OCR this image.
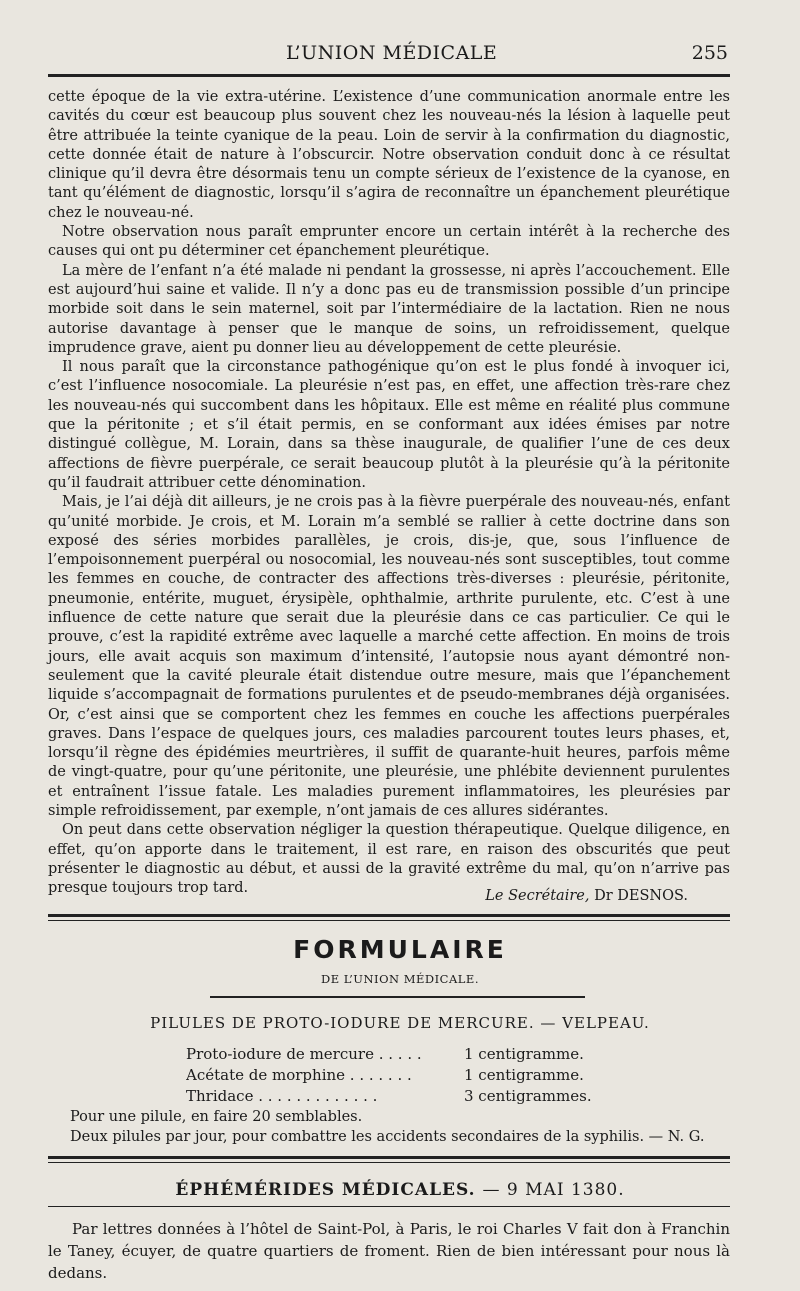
L’UNION MÉDICALE	255

cette époque de la vie extra-utérine. L’existence d’une communication anormale entre les cavités du cœur est beaucoup plus souvent chez les nouveau-nés la lésion à laquelle peut être attribuée la teinte cyanique de la peau. Loin de servir à la confirmation du diagnostic, cette donnée était de nature à l’obscurcir. Notre observation conduit donc à ce résultat clinique qu’il devra être désormais tenu un compte sérieux de l’existence de la cyanose, en tant qu’élément de diagnostic, lorsqu’il s’agira de reconnaître un épanchement pleurétique chez le nouveau-né.

Notre observation nous paraît emprunter encore un certain intérêt à la recherche des causes qui ont pu déterminer cet épanchement pleurétique.

La mère de l’enfant n’a été malade ni pendant la grossesse, ni après l’accouchement. Elle est aujourd’hui saine et valide. Il n’y a donc pas eu de transmission possible d’un principe morbide soit dans le sein maternel, soit par l’intermédiaire de la lactation. Rien ne nous autorise davantage à penser que le manque de soins, un refroidissement, quelque imprudence grave, aient pu donner lieu au développement de cette pleurésie.

Il nous paraît que la circonstance pathogénique qu’on est le plus fondé à invoquer ici, c’est l’influence nosocomiale. La pleurésie n’est pas, en effet, une affection très-rare chez les nouveau-nés qui succombent dans les hôpitaux. Elle est même en réalité plus commune que la péritonite ; et s’il était permis, en se conformant aux idées émises par notre distingué collègue, M. Lorain, dans sa thèse inaugurale, de qualifier l’une de ces deux affections de fièvre puerpérale, ce serait beaucoup plutôt à la pleurésie qu’à la péritonite qu’il faudrait attribuer cette dénomination.

Mais, je l’ai déjà dit ailleurs, je ne crois pas à la fièvre puerpérale des nouveau-nés, enfant qu’unité morbide. Je crois, et M. Lorain m’a semblé se rallier à cette doctrine dans son exposé des séries morbides parallèles, je crois, dis-je, que, sous l’influence de l’empoisonnement puerpéral ou nosocomial, les nouveau-nés sont susceptibles, tout comme les femmes en couche, de contracter des affections très-diverses : pleurésie, péritonite, pneumonie, entérite, muguet, érysipèle, ophthalmie, arthrite purulente, etc. C’est à une influence de cette nature que serait due la pleurésie dans ce cas particulier. Ce qui le prouve, c’est la rapidité extrême avec laquelle a marché cette affection. En moins de trois jours, elle avait acquis son maximum d’intensité, l’autopsie nous ayant démontré non-seulement que la cavité pleurale était distendue outre mesure, mais que l’épanchement liquide s’accompagnait de formations purulentes et de pseudo-membranes déjà organisées. Or, c’est ainsi que se comportent chez les femmes en couche les affections puerpérales graves. Dans l’espace de quelques jours, ces maladies parcourent toutes leurs phases, et, lorsqu’il règne des épidémies meurtrières, il suffit de quarante-huit heures, parfois même de vingt-quatre, pour qu’une péritonite, une pleurésie, une phlébite deviennent purulentes et entraînent l’issue fatale. Les maladies purement inflammatoires, les pleurésies par simple refroidissement, par exemple, n’ont jamais de ces allures sidérantes.

On peut dans cette observation négliger la question thérapeutique. Quelque diligence, en effet, qu’on apporte dans le traitement, il est rare, en raison des obscurités que peut présenter le diagnostic au début, et aussi de la gravité extrême du mal, qu’on n’arrive pas presque toujours trop tard.	Le Secrétaire, Dr DESNOS.
FORMULAIRE
DE L’UNION MÉDICALE.
PILULES DE PROTO-IODURE DE MERCURE. — VELPEAU.
Proto-iodure de mercure . . . . .	1 centigramme.
Acétate de morphine . . . . . . .	1 centigramme.
Thridace . . . . . . . . . . . . .	3 centigrammes.
Pour une pilule, en faire 20 semblables.
Deux pilules par jour, pour combattre les accidents secondaires de la syphilis. — N. G.
ÉPHÉMÉRIDES MÉDICALES. — 9 MAI 1380.

Par lettres données à l’hôtel de Saint-Pol, à Paris, le roi Charles V fait don à Franchin le Taney, écuyer, de quatre quartiers de froment. Rien de bien intéressant pour nous là dedans.
